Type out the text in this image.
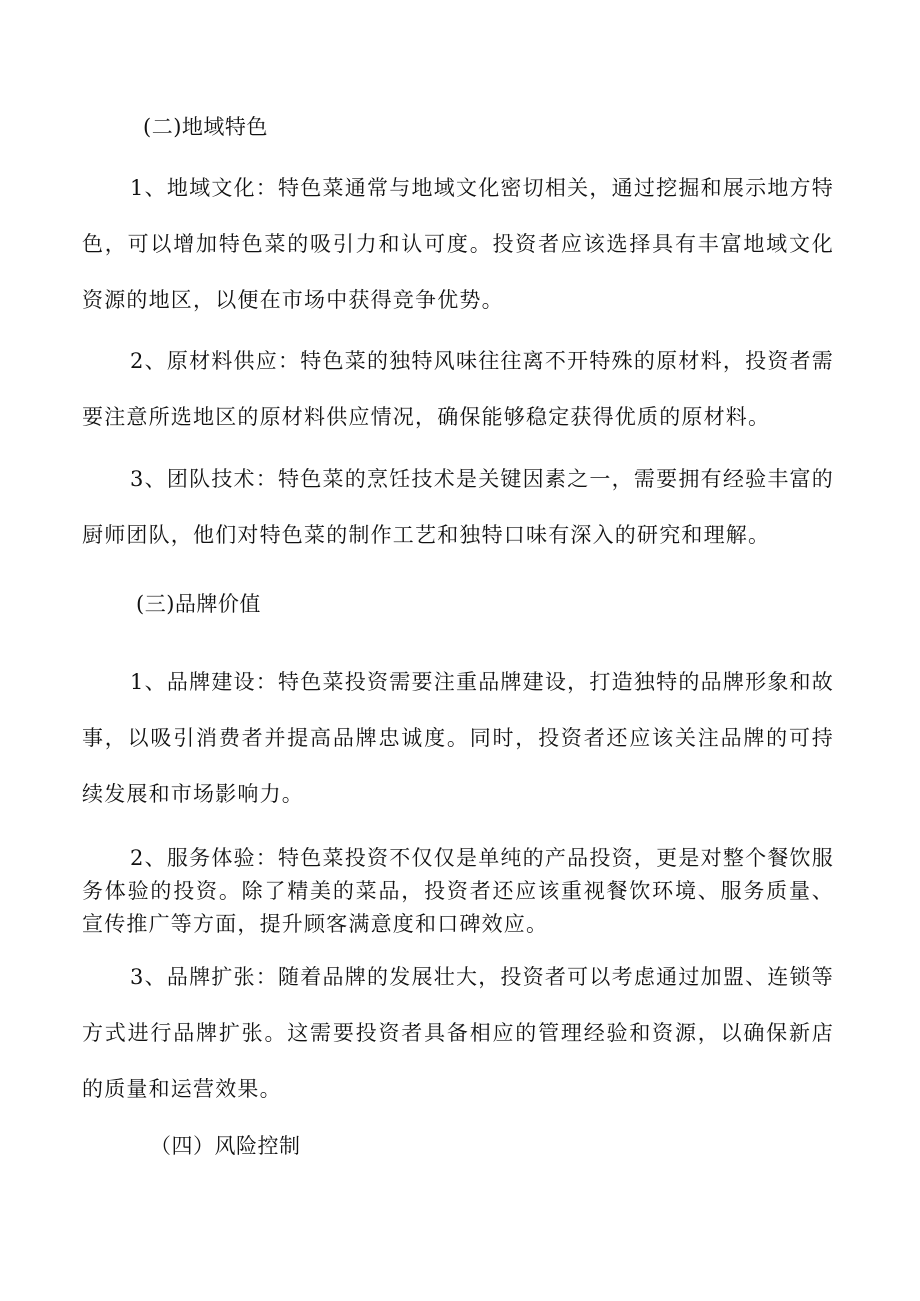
(二)地域特色

1、地域文化：特色菜通常与地域文化密切相关，通过挖掘和展示地方特色，可以增加特色菜的吸引力和认可度。投资者应该选择具有丰富地域文化资源的地区，以便在市场中获得竞争优势。

2、原材料供应：特色菜的独特风味往往离不开特殊的原材料，投资者需要注意所选地区的原材料供应情况，确保能够稳定获得优质的原材料。

3、团队技术：特色菜的烹饪技术是关键因素之一，需要拥有经验丰富的厨师团队，他们对特色菜的制作工艺和独特口味有深入的研究和理解。

(三)品牌价值

1、品牌建设：特色菜投资需要注重品牌建设，打造独特的品牌形象和故事，以吸引消费者并提高品牌忠诚度。同时，投资者还应该关注品牌的可持续发展和市场影响力。

2、服务体验：特色菜投资不仅仅是单纯的产品投资，更是对整个餐饮服务体验的投资。除了精美的菜品，投资者还应该重视餐饮环境、服务质量、宣传推广等方面，提升顾客满意度和口碑效应。

3、品牌扩张：随着品牌的发展壮大，投资者可以考虑通过加盟、连锁等方式进行品牌扩张。这需要投资者具备相应的管理经验和资源，以确保新店的质量和运营效果。

（四）风险控制
